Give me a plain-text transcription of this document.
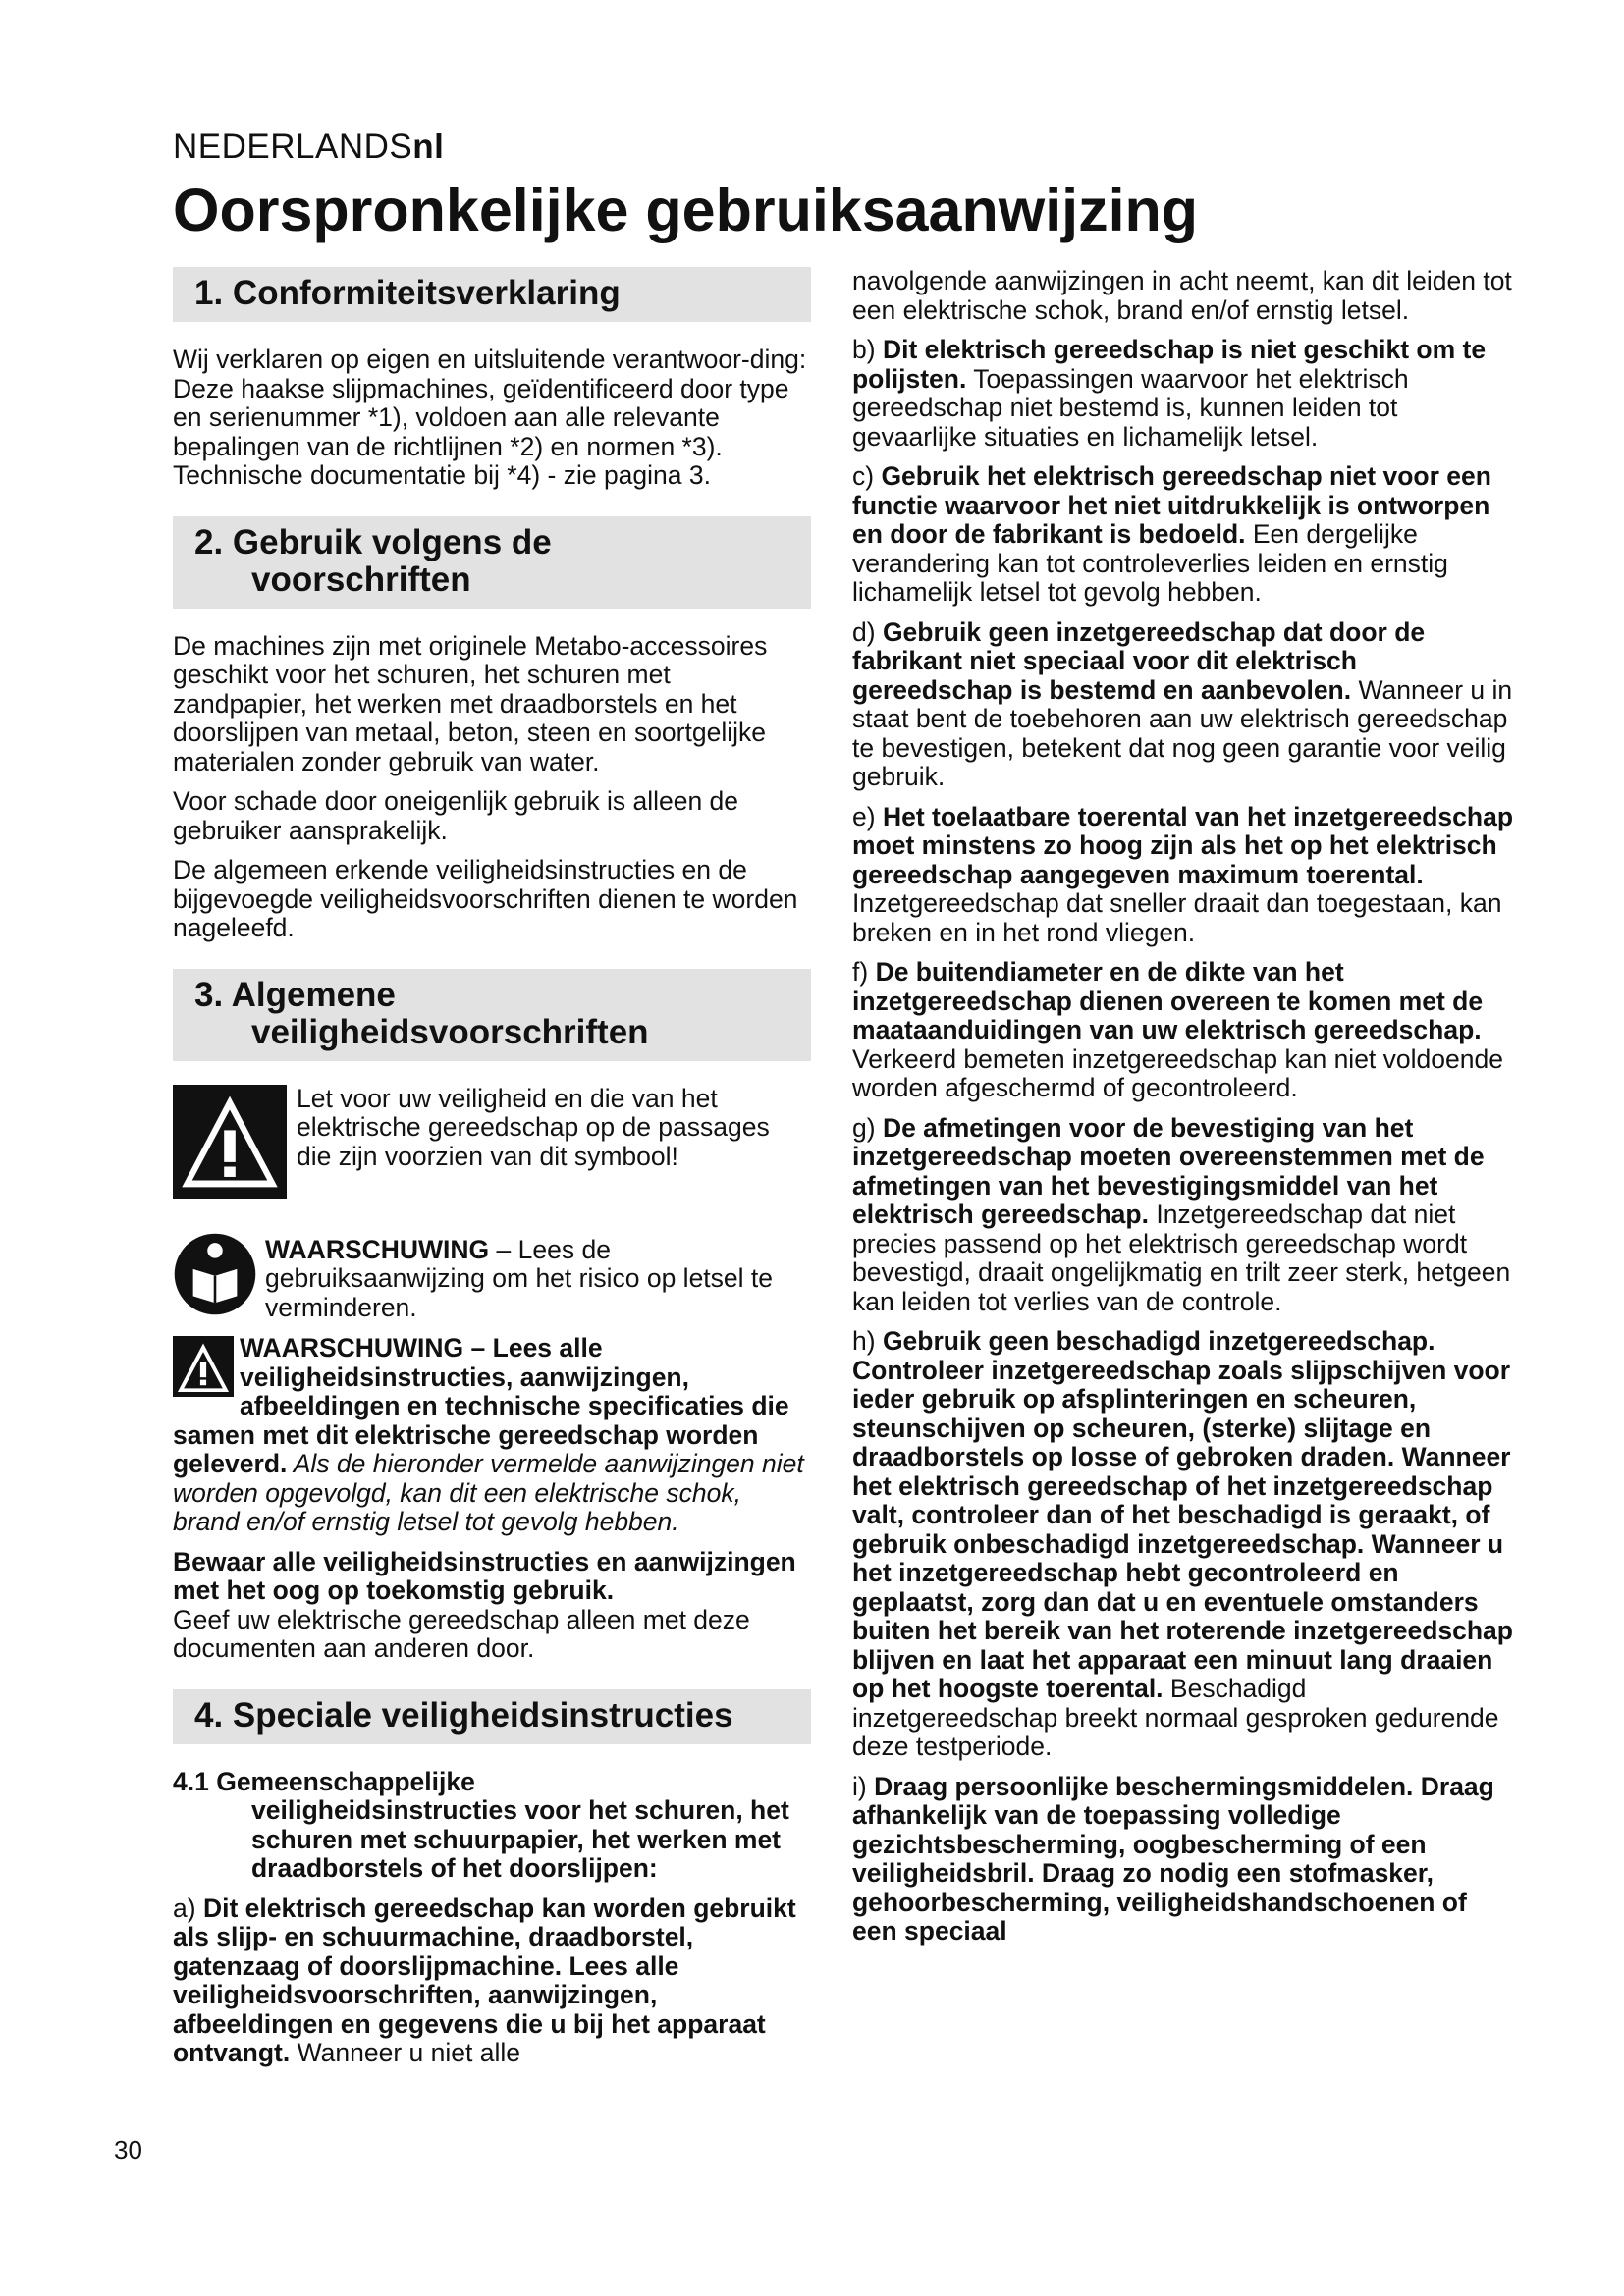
NEDERLANDSnl
Oorspronkelijke gebruiksaanwijzing
1. Conformiteitsverklaring

Wij verklaren op eigen en uitsluitende verantwoor-ding: Deze haakse slijpmachines, geïdentificeerd door type en serienummer *1), voldoen aan alle relevante bepalingen van de richtlijnen *2) en normen *3). Technische documentatie bij *4) - zie pagina 3.

2. Gebruik volgens de
voorschriften

De machines zijn met originele Metabo-accessoires geschikt voor het schuren, het schuren met zandpapier, het werken met draadborstels en het doorslijpen van metaal, beton, steen en soortgelijke materialen zonder gebruik van water.

Voor schade door oneigenlijk gebruik is alleen de gebruiker aansprakelijk.

De algemeen erkende veiligheidsinstructies en de bijgevoegde veiligheidsvoorschriften dienen te worden nageleefd.

3. Algemene
veiligheidsvoorschriften
Let voor uw veiligheid en die van het elektrische gereedschap op de passages die zijn voorzien van dit symbool!
WAARSCHUWING – Lees de gebruiksaanwijzing om het risico op letsel te verminderen.

WAARSCHUWING – Lees alle veiligheidsinstructies, aanwijzingen, afbeeldingen en technische specificaties die samen met dit elektrische gereedschap worden geleverd. Als de hieronder vermelde aanwijzingen niet worden opgevolgd, kan dit een elektrische schok, brand en/of ernstig letsel tot gevolg hebben.

Bewaar alle veiligheidsinstructies en aanwijzingen met het oog op toekomstig gebruik.
Geef uw elektrische gereedschap alleen met deze documenten aan anderen door.

4. Speciale veiligheidsinstructies
4.1 Gemeenschappelijke
veiligheidsinstructies voor het schuren, het schuren met schuurpapier, het werken met draadborstels of het doorslijpen:

a) Dit elektrisch gereedschap kan worden gebruikt als slijp- en schuurmachine, draadborstel, gatenzaag of doorslijpmachine. Lees alle veiligheidsvoorschriften, aanwijzingen, afbeeldingen en gegevens die u bij het apparaat ontvangt. Wanneer u niet alle

navolgende aanwijzingen in acht neemt, kan dit leiden tot een elektrische schok, brand en/of ernstig letsel.

b) Dit elektrisch gereedschap is niet geschikt om te polijsten. Toepassingen waarvoor het elektrisch gereedschap niet bestemd is, kunnen leiden tot gevaarlijke situaties en lichamelijk letsel.

c) Gebruik het elektrisch gereedschap niet voor een functie waarvoor het niet uitdrukkelijk is ontworpen en door de fabrikant is bedoeld. Een dergelijke verandering kan tot controleverlies leiden en ernstig lichamelijk letsel tot gevolg hebben.

d) Gebruik geen inzetgereedschap dat door de fabrikant niet speciaal voor dit elektrisch gereedschap is bestemd en aanbevolen. Wanneer u in staat bent de toebehoren aan uw elektrisch gereedschap te bevestigen, betekent dat nog geen garantie voor veilig gebruik.

e) Het toelaatbare toerental van het inzetgereedschap moet minstens zo hoog zijn als het op het elektrisch gereedschap aangegeven maximum toerental. Inzetgereedschap dat sneller draait dan toegestaan, kan breken en in het rond vliegen.

f) De buitendiameter en de dikte van het inzetgereedschap dienen overeen te komen met de maataanduidingen van uw elektrisch gereedschap. Verkeerd bemeten inzetgereedschap kan niet voldoende worden afgeschermd of gecontroleerd.

g) De afmetingen voor de bevestiging van het inzetgereedschap moeten overeenstemmen met de afmetingen van het bevestigingsmiddel van het elektrisch gereedschap. Inzetgereedschap dat niet precies passend op het elektrisch gereedschap wordt bevestigd, draait ongelijkmatig en trilt zeer sterk, hetgeen kan leiden tot verlies van de controle.

h) Gebruik geen beschadigd inzetgereedschap. Controleer inzetgereedschap zoals slijpschijven voor ieder gebruik op afsplinteringen en scheuren, steunschijven op scheuren, (sterke) slijtage en draadborstels op losse of gebroken draden. Wanneer het elektrisch gereedschap of het inzetgereedschap valt, controleer dan of het beschadigd is geraakt, of gebruik onbeschadigd inzetgereedschap. Wanneer u het inzetgereedschap hebt gecontroleerd en geplaatst, zorg dan dat u en eventuele omstanders buiten het bereik van het roterende inzetgereedschap blijven en laat het apparaat een minuut lang draaien op het hoogste toerental. Beschadigd inzetgereedschap breekt normaal gesproken gedurende deze testperiode.

i) Draag persoonlijke beschermingsmiddelen. Draag afhankelijk van de toepassing volledige gezichtsbescherming, oogbescherming of een veiligheidsbril. Draag zo nodig een stofmasker, gehoorbescherming, veiligheidshandschoenen of een speciaal

30
